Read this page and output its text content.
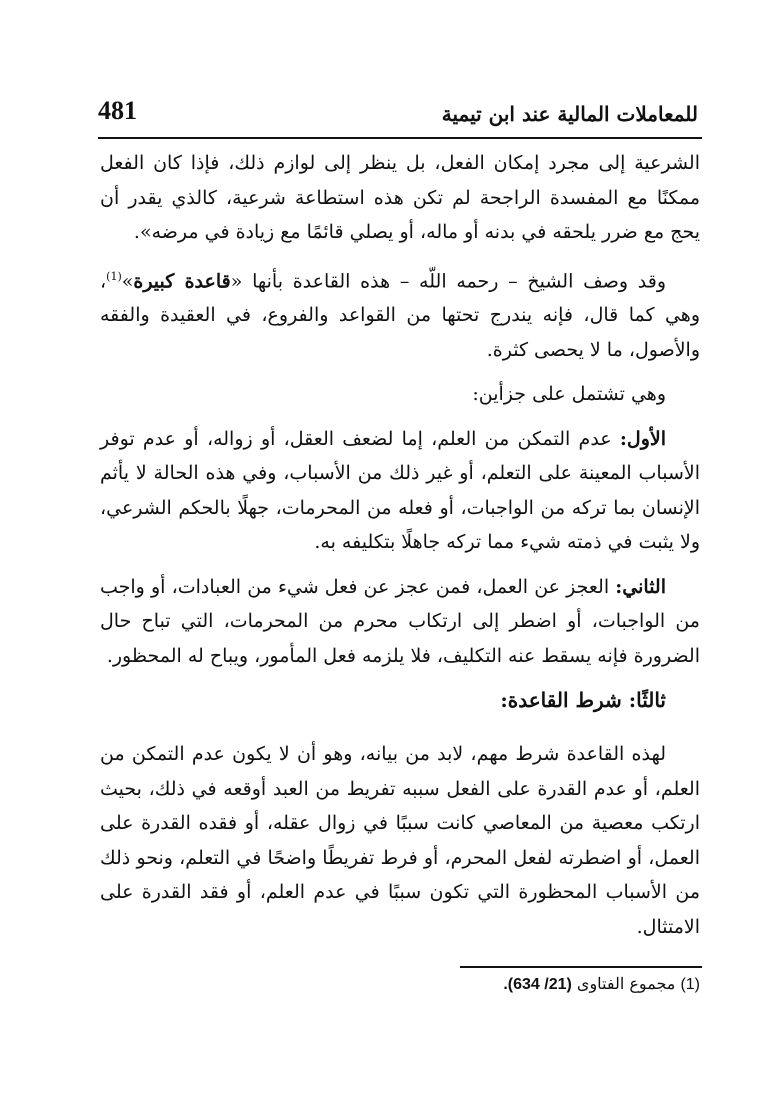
للمعاملات المالية عند ابن تيمية
481

الشرعية إلى مجرد إمكان الفعل، بل ينظر إلى لوازم ذلك، فإذا كان الفعل ممكنًا مع المفسدة الراجحة لم تكن هذه استطاعة شرعية، كالذي يقدر أن يحج مع ضرر يلحقه في بدنه أو ماله، أو يصلي قائمًا مع زيادة في مرضه».

وقد وصف الشيخ – رحمه اللّه – هذه القاعدة بأنها «قاعدة كبيرة»$^{(1)}$، وهي كما قال، فإنه يندرج تحتها من القواعد والفروع، في العقيدة والفقه والأصول، ما لا يحصى كثرة.

وهي تشتمل على جزأين:

الأول: عدم التمكن من العلم، إما لضعف العقل، أو زواله، أو عدم توفر الأسباب المعينة على التعلم، أو غير ذلك من الأسباب، وفي هذه الحالة لا يأثم الإنسان بما تركه من الواجبات، أو فعله من المحرمات، جهلًا بالحكم الشرعي، ولا يثبت في ذمته شيء مما تركه جاهلًا بتكليفه به.

الثاني: العجز عن العمل، فمن عجز عن فعل شيء من العبادات، أو واجب من الواجبات، أو اضطر إلى ارتكاب محرم من المحرمات، التي تباح حال الضرورة فإنه يسقط عنه التكليف، فلا يلزمه فعل المأمور، ويباح له المحظور.

ثالثًا: شرط القاعدة:

لهذه القاعدة شرط مهم، لابد من بيانه، وهو أن لا يكون عدم التمكن من العلم، أو عدم القدرة على الفعل سببه تفريط من العبد أوقعه في ذلك، بحيث ارتكب معصية من المعاصي كانت سببًا في زوال عقله، أو فقده القدرة على العمل، أو اضطرته لفعل المحرم، أو فرط تفريطًا واضحًا في التعلم، ونحو ذلك من الأسباب المحظورة التي تكون سببًا في عدم العلم، أو فقد القدرة على الامتثال.

(1) مجموع الفتاوى (21/ 634).
